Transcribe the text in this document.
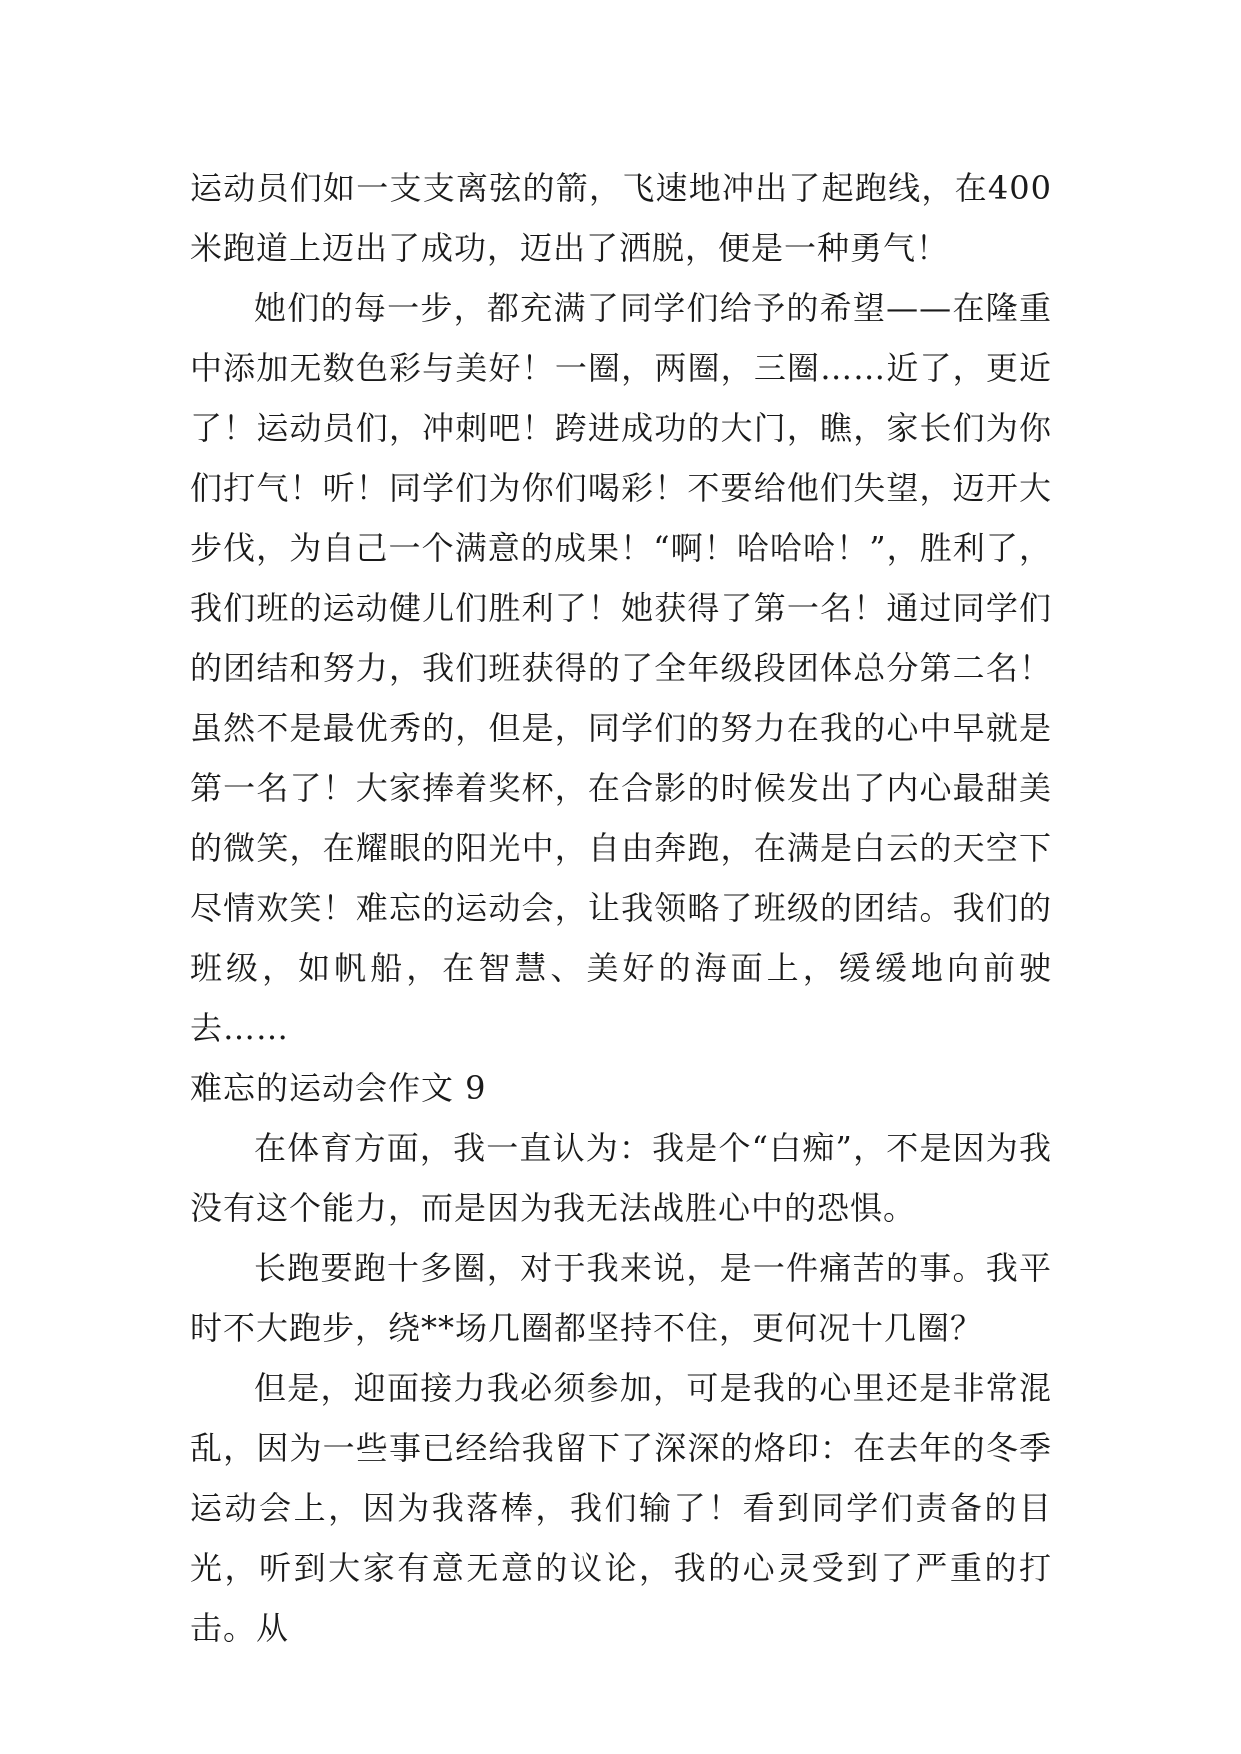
运动员们如一支支离弦的箭，飞速地冲出了起跑线，在400米跑道上迈出了成功，迈出了洒脱，便是一种勇气！

她们的每一步，都充满了同学们给予的希望——在隆重中添加无数色彩与美好！一圈，两圈，三圈……近了，更近了！运动员们，冲刺吧！跨进成功的大门，瞧，家长们为你们打气！听！同学们为你们喝彩！不要给他们失望，迈开大步伐，为自己一个满意的成果！“啊！哈哈哈！”，胜利了，我们班的运动健儿们胜利了！她获得了第一名！通过同学们的团结和努力，我们班获得的了全年级段团体总分第二名！虽然不是最优秀的，但是，同学们的努力在我的心中早就是第一名了！大家捧着奖杯，在合影的时候发出了内心最甜美的微笑，在耀眼的阳光中，自由奔跑，在满是白云的天空下尽情欢笑！难忘的运动会，让我领略了班级的团结。我们的班级，如帆船，在智慧、美好的海面上，缓缓地向前驶去……

难忘的运动会作文 9

在体育方面，我一直认为：我是个“白痴”，不是因为我没有这个能力，而是因为我无法战胜心中的恐惧。

长跑要跑十多圈，对于我来说，是一件痛苦的事。我平时不大跑步，绕**场几圈都坚持不住，更何况十几圈？

但是，迎面接力我必须参加，可是我的心里还是非常混乱，因为一些事已经给我留下了深深的烙印：在去年的冬季运动会上，因为我落棒，我们输了！看到同学们责备的目光，听到大家有意无意的议论，我的心灵受到了严重的打击。从
